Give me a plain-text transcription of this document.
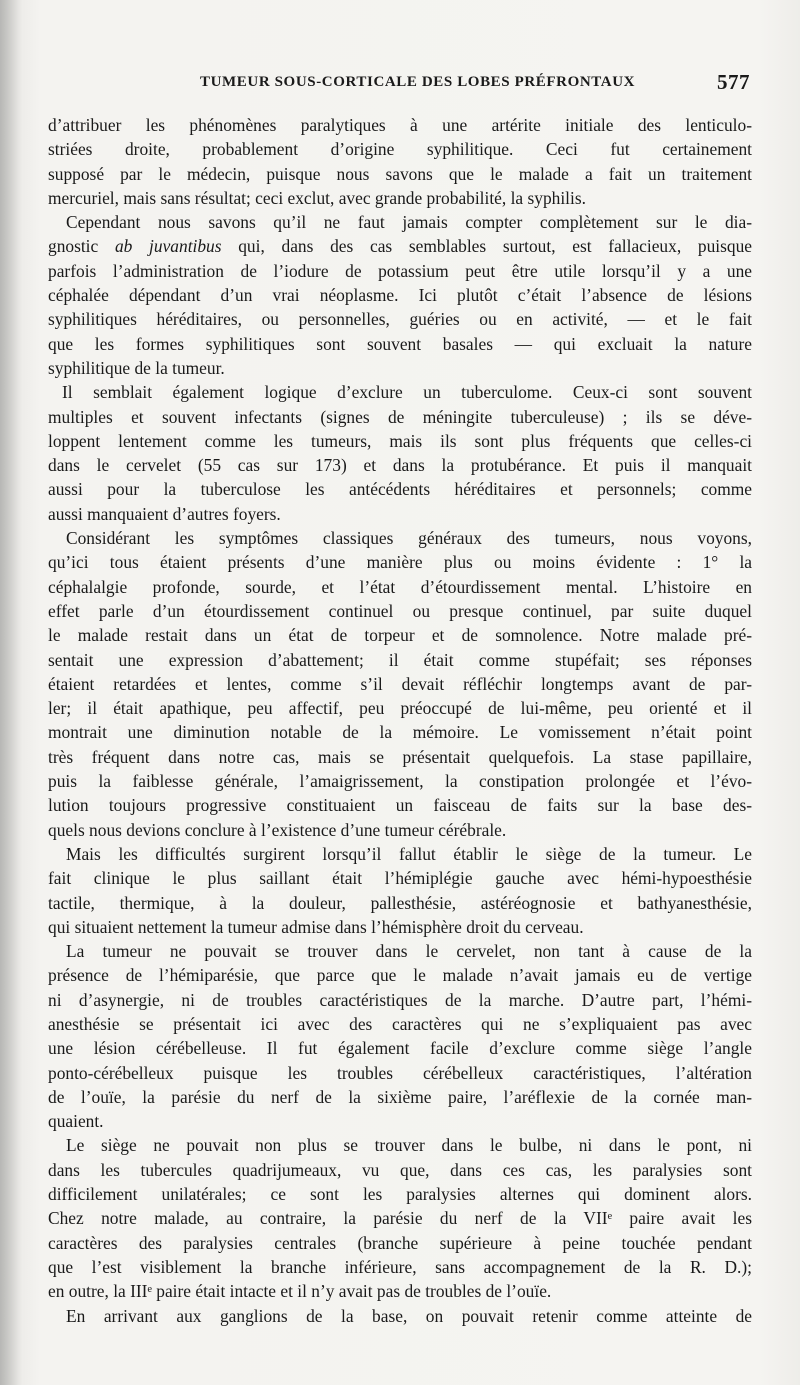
TUMEUR SOUS-CORTICALE DES LOBES PRÉFRONTAUX	577
d’attribuer les phénomènes paralytiques à une artérite initiale des lenticulo-
striées droite, probablement d’origine syphilitique. Ceci fut certainement
supposé par le médecin, puisque nous savons que le malade a fait un traitement
mercuriel, mais sans résultat; ceci exclut, avec grande probabilité, la syphilis.
Cependant nous savons qu’il ne faut jamais compter complètement sur le dia-
gnostic ab juvantibus qui, dans des cas semblables surtout, est fallacieux, puisque
parfois l’administration de l’iodure de potassium peut être utile lorsqu’il y a une
céphalée dépendant d’un vrai néoplasme. Ici plutôt c’était l’absence de lésions
syphilitiques héréditaires, ou personnelles, guéries ou en activité, — et le fait
que les formes syphilitiques sont souvent basales — qui excluait la nature
syphilitique de la tumeur.
Il semblait également logique d’exclure un tuberculome. Ceux-ci sont souvent
multiples et souvent infectants (signes de méningite tuberculeuse) ; ils se déve-
loppent lentement comme les tumeurs, mais ils sont plus fréquents que celles-ci
dans le cervelet (55 cas sur 173) et dans la protubérance. Et puis il manquait
aussi pour la tuberculose les antécédents héréditaires et personnels; comme
aussi manquaient d’autres foyers.
Considérant les symptômes classiques généraux des tumeurs, nous voyons,
qu’ici tous étaient présents d’une manière plus ou moins évidente : 1° la
céphalalgie profonde, sourde, et l’état d’étourdissement mental. L’histoire en
effet parle d’un étourdissement continuel ou presque continuel, par suite duquel
le malade restait dans un état de torpeur et de somnolence. Notre malade pré-
sentait une expression d’abattement; il était comme stupéfait; ses réponses
étaient retardées et lentes, comme s’il devait réfléchir longtemps avant de par-
ler; il était apathique, peu affectif, peu préoccupé de lui-même, peu orienté et il
montrait une diminution notable de la mémoire. Le vomissement n’était point
très fréquent dans notre cas, mais se présentait quelquefois. La stase papillaire,
puis la faiblesse générale, l’amaigrissement, la constipation prolongée et l’évo-
lution toujours progressive constituaient un faisceau de faits sur la base des-
quels nous devions conclure à l’existence d’une tumeur cérébrale.
Mais les difficultés surgirent lorsqu’il fallut établir le siège de la tumeur. Le
fait clinique le plus saillant était l’hémiplégie gauche avec hémi-hypoesthésie
tactile, thermique, à la douleur, pallesthésie, astéréognosie et bathyanesthésie,
qui situaient nettement la tumeur admise dans l’hémisphère droit du cerveau.
La tumeur ne pouvait se trouver dans le cervelet, non tant à cause de la
présence de l’hémiparésie, que parce que le malade n’avait jamais eu de vertige
ni d’asynergie, ni de troubles caractéristiques de la marche. D’autre part, l’hémi-
anesthésie se présentait ici avec des caractères qui ne s’expliquaient pas avec
une lésion cérébelleuse. Il fut également facile d’exclure comme siège l’angle
ponto-cérébelleux puisque les troubles cérébelleux caractéristiques, l’altération
de l’ouïe, la parésie du nerf de la sixième paire, l’aréflexie de la cornée man-
quaient.
Le siège ne pouvait non plus se trouver dans le bulbe, ni dans le pont, ni
dans les tubercules quadrijumeaux, vu que, dans ces cas, les paralysies sont
difficilement unilatérales; ce sont les paralysies alternes qui dominent alors.
Chez notre malade, au contraire, la parésie du nerf de la VIIᵉ paire avait les
caractères des paralysies centrales (branche supérieure à peine touchée pendant
que l’est visiblement la branche inférieure, sans accompagnement de la R. D.);
en outre, la IIIᵉ paire était intacte et il n’y avait pas de troubles de l’ouïe.
En arrivant aux ganglions de la base, on pouvait retenir comme atteinte de
